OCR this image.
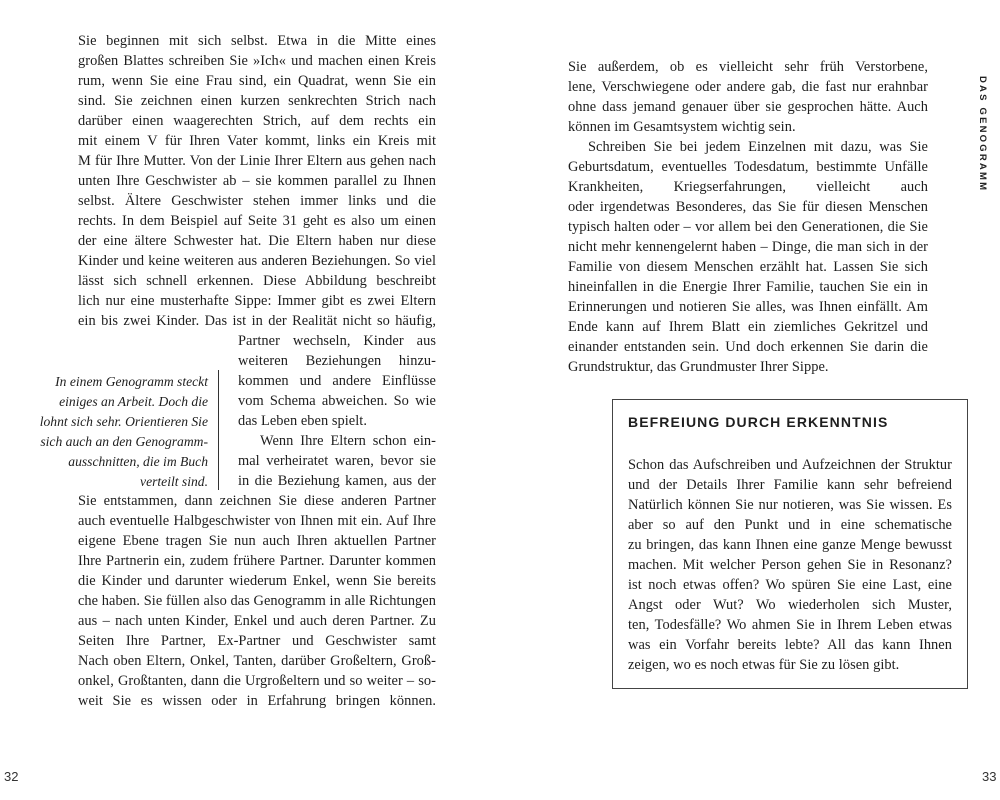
DAS GENOGRAMM
Sie beginnen mit sich selbst. Etwa in die Mitte eines
großen Blattes schreiben Sie »Ich« und machen einen Kreis
rum, wenn Sie eine Frau sind, ein Quadrat, wenn Sie ein
sind. Sie zeichnen einen kurzen senkrechten Strich nach
darüber einen waagerechten Strich, auf dem rechts ein
mit einem V für Ihren Vater kommt, links ein Kreis mit
M für Ihre Mutter. Von der Linie Ihrer Eltern aus gehen nach
unten Ihre Geschwister ab – sie kommen parallel zu Ihnen
selbst. Ältere Geschwister stehen immer links und die
rechts. In dem Beispiel auf Seite 31 geht es also um einen
der eine ältere Schwester hat. Die Eltern haben nur diese
Kinder und keine weiteren aus anderen Beziehungen. So viel
lässt sich schnell erkennen. Diese Abbildung beschreibt
lich nur eine musterhafte Sippe: Immer gibt es zwei Eltern
ein bis zwei Kinder. Das ist in der Realität nicht so häufig,
Partner wechseln, Kinder aus
weiteren Beziehungen hinzu-
kommen und andere Einflüsse
vom Schema abweichen. So wie
das Leben eben spielt.
Wenn Ihre Eltern schon ein-
mal verheiratet waren, bevor sie
in die Beziehung kamen, aus der
Sie entstammen, dann zeichnen Sie diese anderen Partner
auch eventuelle Halbgeschwister von Ihnen mit ein. Auf Ihre
eigene Ebene tragen Sie nun auch Ihren aktuellen Partner
Ihre Partnerin ein, zudem frühere Partner. Darunter kommen
die Kinder und darunter wiederum Enkel, wenn Sie bereits
che haben. Sie füllen also das Genogramm in alle Richtungen
aus – nach unten Kinder, Enkel und auch deren Partner. Zu
Seiten Ihre Partner, Ex-Partner und Geschwister samt
Nach oben Eltern, Onkel, Tanten, darüber Großeltern, Groß-
onkel, Großtanten, dann die Urgroßeltern und so weiter – so-
weit Sie es wissen oder in Erfahrung bringen können.
In einem Genogramm steckt
einiges an Arbeit. Doch die
lohnt sich sehr. Orientieren Sie
sich auch an den Genogramm-
ausschnitten, die im Buch
verteilt sind.
Sie außerdem, ob es vielleicht sehr früh Verstorbene,
lene, Verschwiegene oder andere gab, die fast nur erahnbar
ohne dass jemand genauer über sie gesprochen hätte. Auch
können im Gesamtsystem wichtig sein.
Schreiben Sie bei jedem Einzelnen mit dazu, was Sie
Geburtsdatum, eventuelles Todesdatum, bestimmte Unfälle
Krankheiten, Kriegserfahrungen, vielleicht auch
oder irgendetwas Besonderes, das Sie für diesen Menschen
typisch halten oder – vor allem bei den Generationen, die Sie
nicht mehr kennengelernt haben – Dinge, die man sich in der
Familie von diesem Menschen erzählt hat. Lassen Sie sich
hineinfallen in die Energie Ihrer Familie, tauchen Sie ein in
Erinnerungen und notieren Sie alles, was Ihnen einfällt. Am
Ende kann auf Ihrem Blatt ein ziemliches Gekritzel und
einander entstanden sein. Und doch erkennen Sie darin die
Grundstruktur, das Grundmuster Ihrer Sippe.
BEFREIUNG DURCH ERKENNTNIS
Schon das Aufschreiben und Aufzeichnen der Struktur
und der Details Ihrer Familie kann sehr befreiend
Natürlich können Sie nur notieren, was Sie wissen. Es
aber so auf den Punkt und in eine schematische
zu bringen, das kann Ihnen eine ganze Menge bewusst
machen. Mit welcher Person gehen Sie in Resonanz?
ist noch etwas offen? Wo spüren Sie eine Last, eine
Angst oder Wut? Wo wiederholen sich Muster,
ten, Todesfälle? Wo ahmen Sie in Ihrem Leben etwas
was ein Vorfahr bereits lebte? All das kann Ihnen
zeigen, wo es noch etwas für Sie zu lösen gibt.
32	33
